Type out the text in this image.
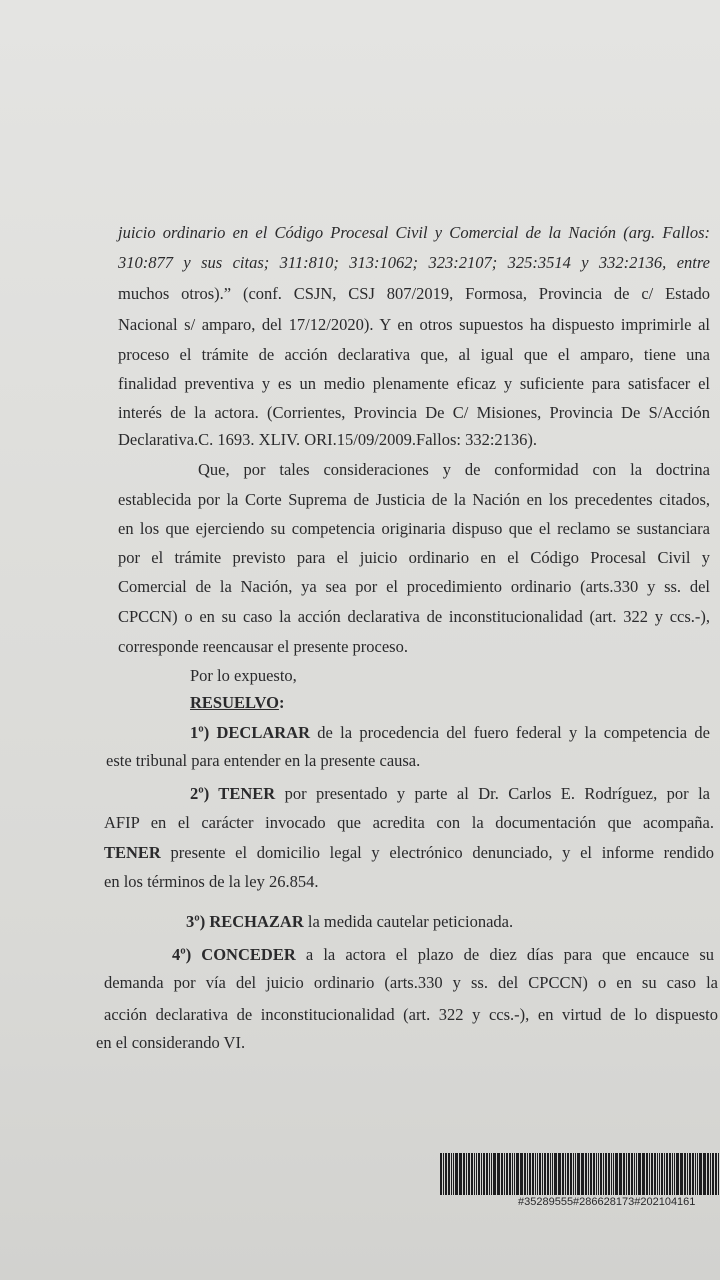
juicio ordinario en el Código Procesal Civil y Comercial de la Nación (arg. Fallos:
310:877 y sus citas; 311:810; 313:1062; 323:2107; 325:3514 y 332:2136, entre
muchos otros).” (conf. CSJN, CSJ 807/2019, Formosa, Provincia de c/ Estado
Nacional s/ amparo, del 17/12/2020). Y en otros supuestos ha dispuesto imprimirle al
proceso el trámite de acción declarativa que, al igual que el amparo, tiene una
finalidad preventiva y es un medio plenamente eficaz y suficiente para satisfacer el
interés de la actora. (Corrientes, Provincia De C/ Misiones, Provincia De S/Acción
Declarativa.C. 1693. XLIV. ORI.15/09/2009.Fallos: 332:2136).
Que, por tales consideraciones y de conformidad con la doctrina
establecida por la Corte Suprema de Justicia de la Nación en los precedentes citados,
en los que ejerciendo su competencia originaria dispuso que el reclamo se sustanciara
por el trámite previsto para el juicio ordinario en el Código Procesal Civil y
Comercial de la Nación, ya sea por el procedimiento ordinario (arts.330 y ss. del
CPCCN) o en su caso la acción declarativa de inconstitucionalidad (art. 322 y ccs.-),
corresponde reencausar el presente proceso.
Por lo expuesto,
RESUELVO:
1º) DECLARAR de la procedencia del fuero federal y la competencia de
este tribunal para entender en la presente causa.
2º) TENER por presentado y parte al Dr. Carlos E. Rodríguez, por la
AFIP en el carácter invocado que acredita con la documentación que acompaña.
TENER presente el domicilio legal y electrónico denunciado, y el informe rendido
en los términos de la ley 26.854.
3º) RECHAZAR la medida cautelar peticionada.
4º) CONCEDER a la actora el plazo de diez días para que encauce su
demanda por vía del juicio ordinario (arts.330 y ss. del CPCCN) o en su caso la
acción declarativa de inconstitucionalidad (art. 322 y ccs.-), en virtud de lo dispuesto
en el considerando VI.
#35289555#286628173#202104161
